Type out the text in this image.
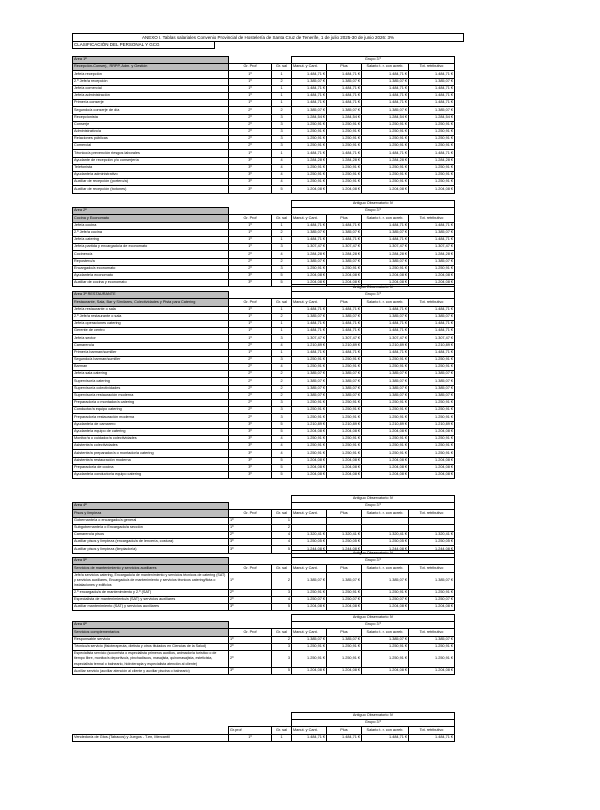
ANEXO I. Tablas salariales Convenio Provincial de Hostelería de Santa Cruz de Tenerife, 1 de julio 2025-30 de junio 2026: 3%
CLASIFICACIÓN DEL PERSONAL Y GCG
Área 1ª			Grupo 3.º			
Recepción-Conserj., RRPP, Adm. y Gestión	Gr. Prof	Gr. sal	Manut. y Cant.	Plus	Salario t. r. con acreb.	Tot. retributivo
Jefe/a recepción	1º	1	1.484,71 €	1.484,71 €	1.484,71 €	1.484,71 €
2.º Jefe/a recepción	1º	2	1.385,07 €	1.385,07 €	1.385,07 €	1.385,07 €
Jefe/a comercial	1º	1	1.484,71 €	1.484,71 €	1.484,71 €	1.484,71 €
Jefe/a administración	1º	1	1.484,71 €	1.484,71 €	1.484,71 €	1.484,71 €
Primer/a conserje	1º	1	1.484,71 €	1.484,71 €	1.484,71 €	1.484,71 €
Segundo/a conserje de día	2º	2	1.385,07 €	1.385,07 €	1.385,07 €	1.385,07 €
Recepcionista	2º	3	1.284,54 €	1.284,54 €	1.284,54 €	1.284,54 €
Conserje	2º	3	1.250,91 €	1.250,91 €	1.250,91 €	1.250,91 €
Administrativo/a	2º	3	1.250,91 €	1.250,91 €	1.250,91 €	1.250,91 €
Relaciones públicas	2º	3	1.250,91 €	1.250,91 €	1.250,91 €	1.250,91 €
Comercial	2º	3	1.250,91 €	1.250,91 €	1.250,91 €	1.250,91 €
Técnico/a prevención riesgos laborales	1º	1	1.484,71 €	1.484,71 €	1.484,71 €	1.484,71 €
Ayudante de recepción y/o conserjería	3º	4	1.284,28 €	1.284,28 €	1.284,28 €	1.284,28 €
Telefonista	3º	4	1.250,91 €	1.250,91 €	1.250,91 €	1.250,91 €
Ayudante/a administrativo	3º	4	1.250,91 €	1.250,91 €	1.250,91 €	1.250,91 €
Auxiliar de recepción (portero/a)	3º	4	1.250,91 €	1.250,91 €	1.250,91 €	1.250,91 €
Auxiliar de recepción (botones)	3º	5	1.204,08 €	1.204,08 €	1.204,08 €	1.204,08 €
			Antiguo Observatorio IV			
Área 2ª			Grupo 3.º			
Cocina y Economato	Gr. Prof	Gr. sal	Manut. y Cant.	Plus	Salario t. r. con acreb.	Tot. retributivo
Jefe/a cocina	1º	1	1.484,71 €	1.484,71 €	1.484,71 €	1.484,71 €
2.º Jefe/a cocina	1º	2	1.385,07 €	1.385,07 €	1.385,07 €	1.385,07 €
Jefe/a catering	1º	1	1.484,71 €	1.484,71 €	1.484,71 €	1.484,71 €
Jefe/a partida y encargado/a de economato	1º	3	1.307,47 €	1.307,47 €	1.307,47 €	1.307,47 €
Cocinero/a	2º	4	1.284,28 €	1.284,28 €	1.284,28 €	1.284,28 €
Repostero/a	2º	2	1.385,07 €	1.385,07 €	1.385,07 €	1.385,07 €
Encargado/a economato	2º	3	1.250,91 €	1.250,91 €	1.250,91 €	1.250,91 €
Ayudante/a economato	3º	5	1.204,08 €	1.204,08 €	1.204,08 €	1.204,08 €
Auxiliar de cocina y economato	3º	5	1.204,08 €	1.204,08 €	1.204,08 €	1.204,08 €
			Antiguo Observatorio IV			
Área 3ª RESTAURANTE			Grupo 3.º			
Restaurante, Sala, Bar y Similares, Colectividades y Pista para Catering	Gr. Prof	Gr. sal	Manut. y Cant.	Plus	Salario t. r. con acreb.	Tot. retributivo
Jefe/a restaurante o sala	1º	1	1.484,71 €	1.484,71 €	1.484,71 €	1.484,71 €
2.º Jefe/a restaurante o sala	1º	2	1.385,07 €	1.385,07 €	1.385,07 €	1.385,07 €
Jefe/a operaciones catering	1º	1	1.484,71 €	1.484,71 €	1.484,71 €	1.484,71 €
Gerente de centro	1º	1	1.484,71 €	1.484,71 €	1.484,71 €	1.484,71 €
Jefe/a sector	1º	3	1.307,47 €	1.307,47 €	1.307,47 €	1.307,47 €
Camarero/a	2º	4	1.210,89 €	1.210,89 €	1.210,89 €	1.210,89 €
Primer/a barman/sumiller	1º	1	1.484,71 €	1.484,71 €	1.484,71 €	1.484,71 €
Segundo/a barman/sumiller	2º	3	1.250,91 €	1.250,91 €	1.250,91 €	1.250,91 €
Barman	2º	4	1.250,91 €	1.250,91 €	1.250,91 €	1.250,91 €
Jefe/a sala catering	2º	2	1.385,07 €	1.385,07 €	1.385,07 €	1.385,07 €
Supervisor/a catering	2º	2	1.385,07 €	1.385,07 €	1.385,07 €	1.385,07 €
Supervisor/a colectividades	2º	2	1.385,07 €	1.385,07 €	1.385,07 €	1.385,07 €
Supervisor/a restauración moderna	2º	2	1.385,07 €	1.385,07 €	1.385,07 €	1.385,07 €
Preparador/a o montador/a catering	2º	3	1.250,91 €	1.250,91 €	1.250,91 €	1.250,91 €
Conductor/a equipo catering	2º	3	1.250,91 €	1.250,91 €	1.250,91 €	1.250,91 €
Preparador/a restauración moderna	2º	3	1.250,91 €	1.250,91 €	1.250,91 €	1.250,91 €
Ayudante/a de camarero	3º	5	1.210,89 €	1.210,89 €	1.210,89 €	1.210,89 €
Ayudante/a equipo de catering	3º	5	1.204,08 €	1.204,08 €	1.204,08 €	1.204,08 €
Monitor/a o cuidador/a colectividades	3º	4	1.250,91 €	1.250,91 €	1.250,91 €	1.250,91 €
Asistente/a colectividades	3º	4	1.250,91 €	1.250,91 €	1.250,91 €	1.250,91 €
Asistente/a preparador/a o montador/a catering	3º	4	1.250,91 €	1.250,91 €	1.250,91 €	1.250,91 €
Asistente/a restauración moderna	3º	5	1.204,08 €	1.204,08 €	1.204,08 €	1.204,08 €
Preparador/a de cocina	3º	5	1.204,08 €	1.204,08 €	1.204,08 €	1.204,08 €
Ayudante/a conductor/a equipo catering	3º	5	1.204,08 €	1.204,08 €	1.204,08 €	1.204,08 €
			Antiguo Observatorio IV			
Área 4ª			Grupo 3.º			
Pisos y limpieza	Gr. Prof	Gr. sal	Manut. y Cant.	Plus	Salario t. r. con acreb.	Tot. retributivo
Gobernante/a o encargado/a general	1º	1				
Subgobernante/a o Encargado/a sección	1º	2				
Camarero/a pisos	2º	4	1.320,41 €	1.320,41 €	1.320,41 €	1.320,41 €
Auxiliar pisos y limpieza (encargado/a de lencería, costura)	3º	4	1.250,05 €	1.250,05 €	1.250,05 €	1.250,05 €
Auxiliar pisos y limpieza (limpiador/a)	3º	5	1.244,08 €	1.244,08 €	1.244,08 €	1.244,08 €
			Antiguo Observatorio IV			
Área 5ª			Grupo 3.º			
Servicios de mantenimiento y servicios auxiliares	Gr. Prof	Gr. sal	Manut. y Cant.	Plus	Salario t. r. con acreb.	Tot. retributivo
Jefe/a servicios catering, Encargado/a de mantenimiento y servicios técnicos de catering (SAT) y servicios auxiliares, Encargado/a de mantenimiento y servicios técnicos catering/flota o instalaciones y edificios	1º	2	1.385,07 €	1.385,07 €	1.385,07 €	1.385,07 €
2.º encargado/a de mantenimiento y 2.º (SAT)	2º	3	1.250,91 €	1.250,91 €	1.250,91 €	1.250,91 €
Especialista de mantenimiento/a (SAT) y servicios auxiliares	2º	4	1.250,07 €	1.250,07 €	1.250,07 €	1.250,07 €
Auxiliar mantenimiento (SAT) y servicios auxiliares	3º	5	1.204,08 €	1.204,08 €	1.204,08 €	1.204,08 €
			Antiguo Observatorio IV			
Área 6ª			Grupo 3.º			
Servicios complementarios	Gr. Prof	Gr. sal	Manut. y Cant.	Plus	Salario t. r. con acreb.	Tot. retributivo
Responsable servicio	1º	2	1.385,07 €	1.385,07 €	1.385,07 €	1.385,07 €
Técnico/a servicio (fisioterapeuta, dietista y otros titulados en Ciencias de la Salud)	2º	3	1.250,91 €	1.250,91 €	1.250,91 €	1.250,91 €
Especialista servicio (socorrista o especialista primeros auxilios, animador/a turístico o de tiempo libre, monitor/a deportivo/a, pinchadiscos, masajista, quiromasajista, esteticista, especialista termal o balneario, hidroterapia y especialista atención al cliente)	2º	3	1.250,91 €	1.250,91 €	1.250,91 €	1.250,91 €
Auxiliar servicio (auxiliar atención al cliente y auxiliar piscina o balneario)	3º	5	1.204,08 €	1.204,08 €	1.204,08 €	1.204,08 €
			Antiguo Observatorio IV			
			Grupo 3.º			
	Gr.prof	Gr. sal	Manut. y Cant.	Plus	Salario t. r. con acreb.	Tot. retributivo
Vendedor/a de Gtos.(Tabacos) y Juegos - T.en, Mercantil	1º	1	1.484,71 €	1.484,71 €	1.484,71 €	1.484,71 €
